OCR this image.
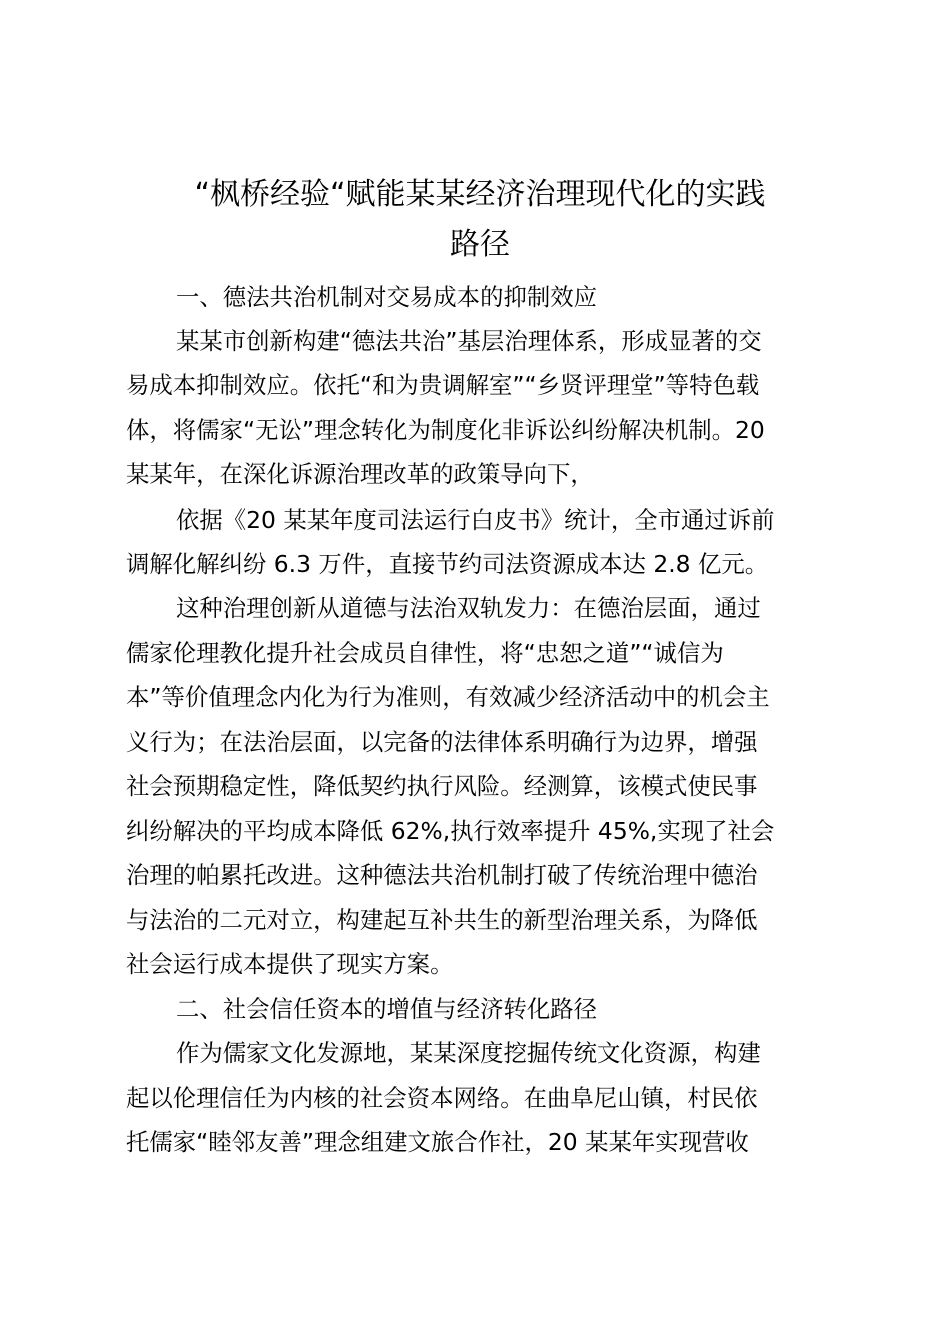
“枫桥经验“赋能某某经济治理现代化的实践
路径
一、德法共治机制对交易成本的抑制效应
某某市创新构建“德法共治”基层治理体系，形成显著的交
易成本抑制效应。依托“和为贵调解室”“乡贤评理堂”等特色载
体，将儒家“无讼”理念转化为制度化非诉讼纠纷解决机制。20
某某年，在深化诉源治理改革的政策导向下，
依据《20 某某年度司法运行白皮书》统计，全市通过诉前
调解化解纠纷 6.3 万件，直接节约司法资源成本达 2.8 亿元。
这种治理创新从道德与法治双轨发力：在德治层面，通过
儒家伦理教化提升社会成员自律性，将“忠恕之道”“诚信为
本”等价值理念内化为行为准则，有效减少经济活动中的机会主
义行为；在法治层面，以完备的法律体系明确行为边界，增强
社会预期稳定性，降低契约执行风险。经测算，该模式使民事
纠纷解决的平均成本降低 62%,执行效率提升 45%,实现了社会
治理的帕累托改进。这种德法共治机制打破了传统治理中德治
与法治的二元对立，构建起互补共生的新型治理关系，为降低
社会运行成本提供了现实方案。
二、社会信任资本的增值与经济转化路径
作为儒家文化发源地，某某深度挖掘传统文化资源，构建
起以伦理信任为内核的社会资本网络。在曲阜尼山镇，村民依
托儒家“睦邻友善”理念组建文旅合作社，20 某某年实现营收
